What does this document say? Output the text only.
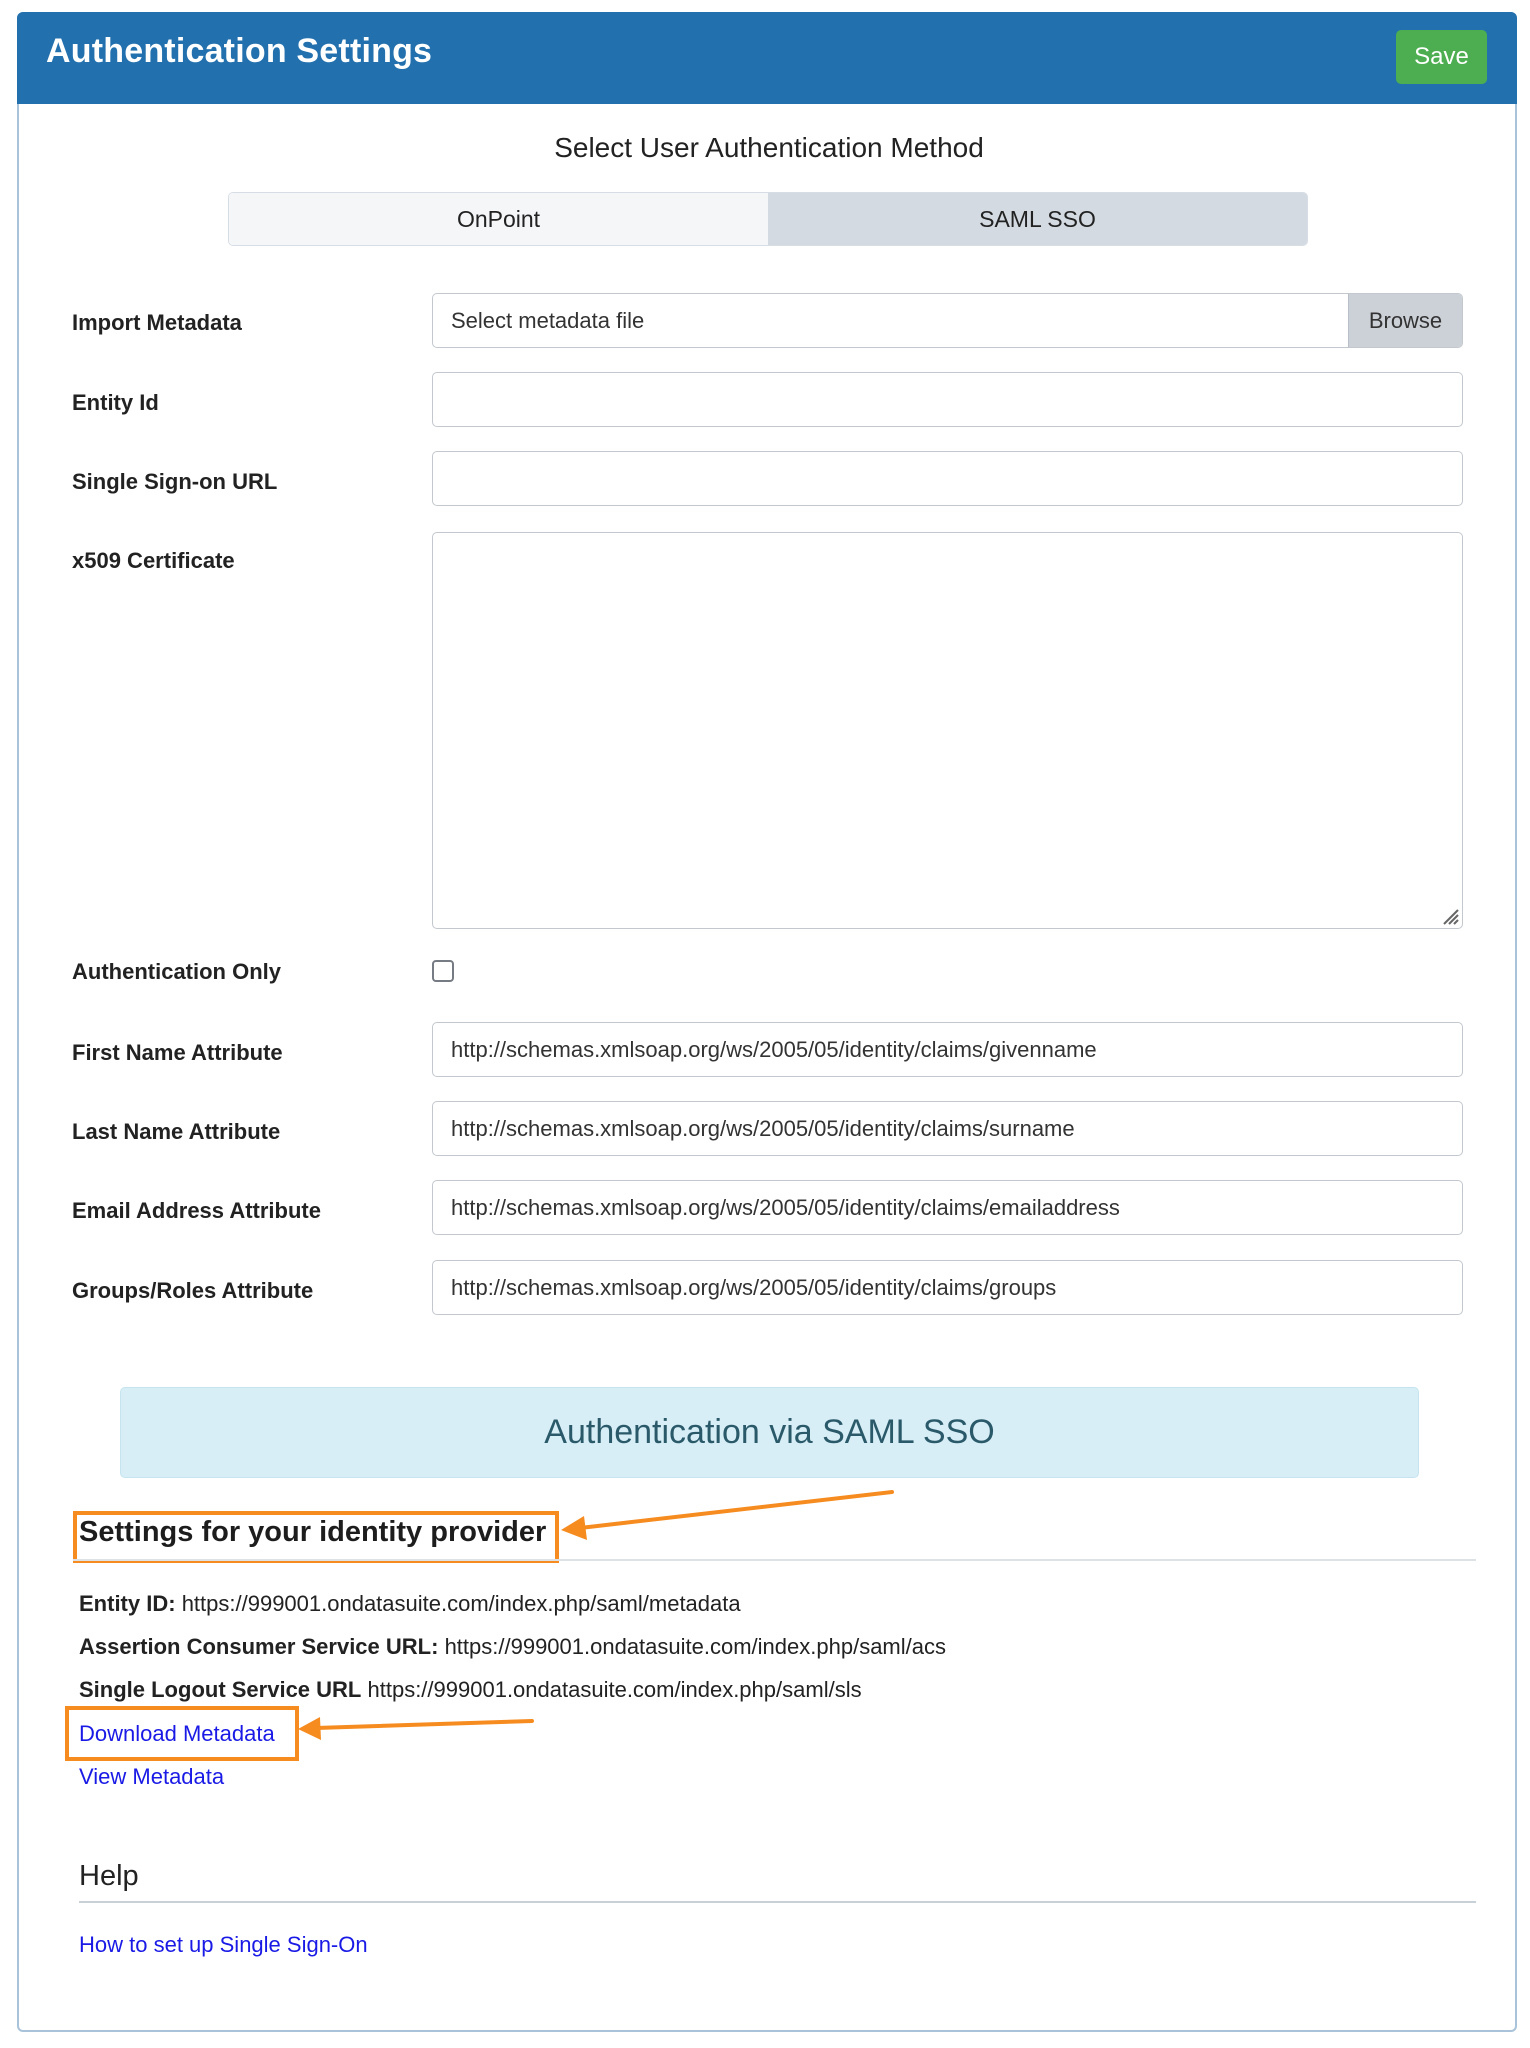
Authentication Settings	Save
Select User Authentication Method
OnPoint	SAML SSO
Import Metadata	Select metadata file	Browse
Entity Id
Single Sign-on URL
x509 Certificate
Authentication Only
First Name Attribute	http://schemas.xmlsoap.org/ws/2005/05/identity/claims/givenname
Last Name Attribute	http://schemas.xmlsoap.org/ws/2005/05/identity/claims/surname
Email Address Attribute	http://schemas.xmlsoap.org/ws/2005/05/identity/claims/emailaddress
Groups/Roles Attribute	http://schemas.xmlsoap.org/ws/2005/05/identity/claims/groups
Authentication via SAML SSO
Settings for your identity provider
Entity ID: https://999001.ondatasuite.com/index.php/saml/metadata
Assertion Consumer Service URL: https://999001.ondatasuite.com/index.php/saml/acs
Single Logout Service URL https://999001.ondatasuite.com/index.php/saml/sls
Download Metadata
View Metadata
Help
How to set up Single Sign-On
